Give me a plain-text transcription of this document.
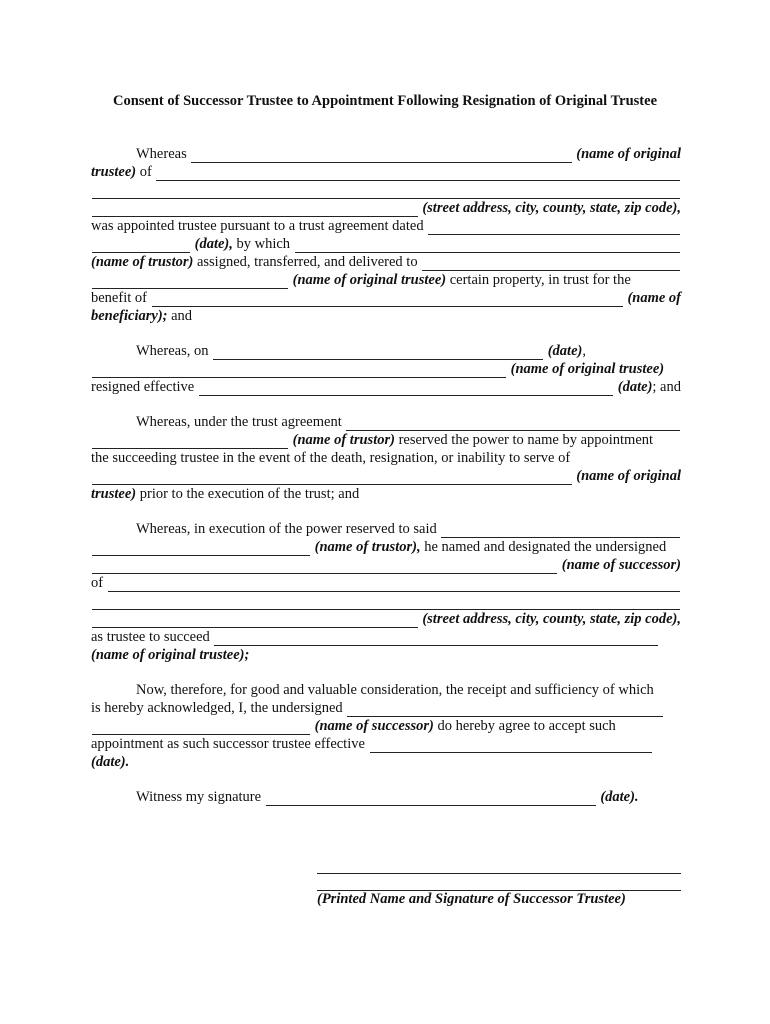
Consent of Successor Trustee to Appointment Following Resignation of Original Trustee
Whereas

	(name of original
trustee)
of

(street address, city, county, state, zip code),
was appointed trustee pursuant to a trust agreement dated

(date),
by which

(name of trustor)
assigned, transferred, and delivered to

(name of original trustee)
certain property, in trust for the
benefit of

	(name of
beneficiary);
and
Whereas, on

	(date) ,

(name of original trustee)
resigned effective

	(date) ; and
Whereas, under the trust agreement

(name of trustor)
reserved the power to name by appointment
the succeeding trustee in the event of the death, resignation, or inability to serve of

(name of original
trustee)
prior to the execution of the trust; and
Whereas, in execution of the power reserved to said

(name of trustor),
he named and designated the undersigned

(name of successor)
of

(street address, city, county, state, zip code),
as trustee to succeed

(name of original trustee);
Now, therefore, for good and valuable consideration, the receipt and sufficiency of which
is hereby acknowledged, I, the undersigned

(name of successor)
do hereby agree to accept such
appointment as such successor trustee effective

(date).
Witness my signature

	(date).
(Printed Name and Signature of Successor Trustee)
